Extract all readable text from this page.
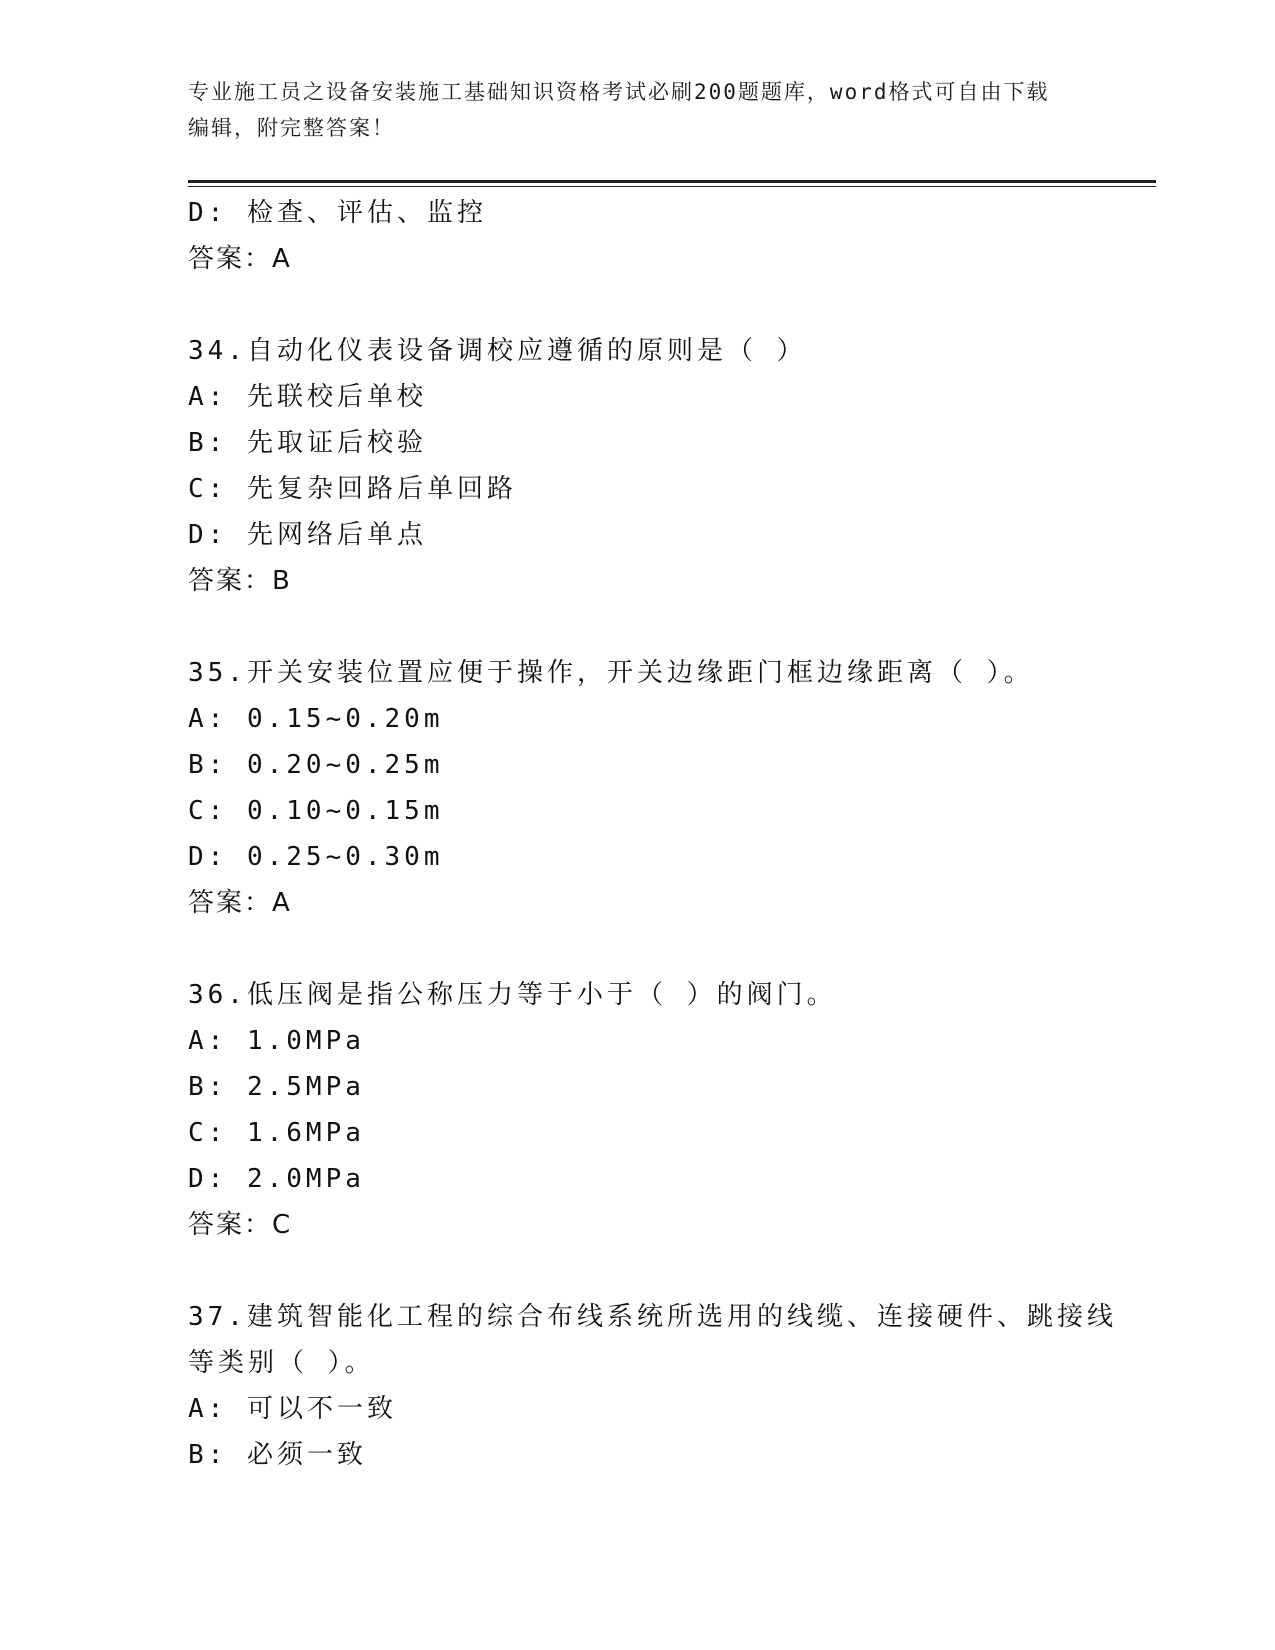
专业施工员之设备安装施工基础知识资格考试必刷200题题库，word格式可自由下载编辑，附完整答案！
D: 检查、评估、监控
答案：A
34.自动化仪表设备调校应遵循的原则是（ ）
A: 先联校后单校
B: 先取证后校验
C: 先复杂回路后单回路
D: 先网络后单点
答案：B
35.开关安装位置应便于操作，开关边缘距门框边缘距离（ ）。
A: 0.15~0.20m
B: 0.20~0.25m
C: 0.10~0.15m
D: 0.25~0.30m
答案：A
36.低压阀是指公称压力等于小于（ ）的阀门。
A: 1.0MPa
B: 2.5MPa
C: 1.6MPa
D: 2.0MPa
答案：C
37.建筑智能化工程的综合布线系统所选用的线缆、连接硬件、跳接线
等类别（ ）。
A: 可以不一致
B: 必须一致
